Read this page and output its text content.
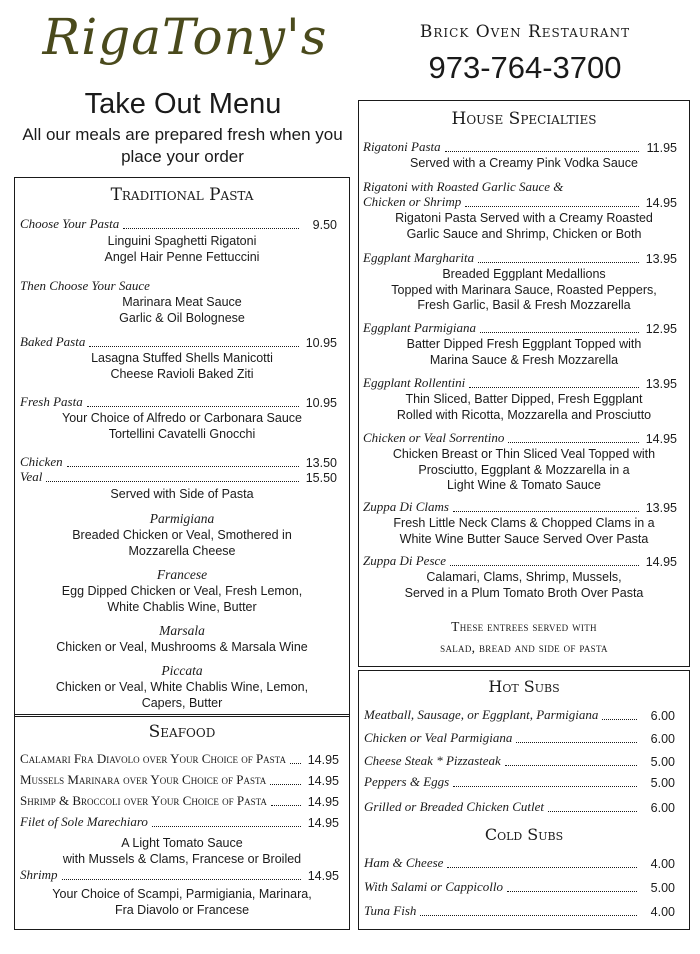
RigaTony's
Take Out Menu
All our meals are prepared fresh when you place your order
Brick Oven Restaurant
973-764-3700
Traditional Pasta
Choose Your Pasta	9.50
Linguini Spaghetti Rigatoni
Angel Hair Penne Fettuccini
Then Choose Your Sauce
Marinara Meat Sauce
Garlic & Oil Bolognese
Baked Pasta	10.95
Lasagna Stuffed Shells Manicotti
Cheese Ravioli Baked Ziti
Fresh Pasta	10.95
Your Choice of Alfredo or Carbonara Sauce
Tortellini Cavatelli Gnocchi
Chicken	13.50
Veal	15.50
Served with Side of Pasta
Parmigiana
Breaded Chicken or Veal, Smothered in
Mozzarella Cheese
Francese
Egg Dipped Chicken or Veal, Fresh Lemon,
White Chablis Wine, Butter
Marsala
Chicken or Veal, Mushrooms & Marsala Wine
Piccata
Chicken or Veal, White Chablis Wine, Lemon,
Capers, Butter
Seafood
Calamari Fra Diavolo over Your Choice of Pasta 14.95
Mussels Marinara over Your Choice of Pasta	14.95
Shrimp & Broccoli over Your Choice of Pasta	14.95
Filet of Sole Marechiaro	14.95
A Light Tomato Sauce
with Mussels & Clams, Francese or Broiled
Shrimp	14.95
Your Choice of Scampi, Parmigiania, Marinara,
Fra Diavolo or Francese
House Specialties
Rigatoni Pasta	11.95
Served with a Creamy Pink Vodka Sauce
Rigatoni with Roasted Garlic Sauce &
Chicken or Shrimp	14.95
Rigatoni Pasta Served with a Creamy Roasted
Garlic Sauce and Shrimp, Chicken or Both
Eggplant Margharita	13.95
Breaded Eggplant Medallions
Topped with Marinara Sauce, Roasted Peppers,
Fresh Garlic, Basil & Fresh Mozzarella
Eggplant Parmigiana	12.95
Batter Dipped Fresh Eggplant Topped with
Marina Sauce & Fresh Mozzarella
Eggplant Rollentini	13.95
Thin Sliced, Batter Dipped, Fresh Eggplant
Rolled with Ricotta, Mozzarella and Prosciutto
Chicken or Veal Sorrentino	14.95
Chicken Breast or Thin Sliced Veal Topped with
Prosciutto, Eggplant & Mozzarella in a
Light Wine & Tomato Sauce
Zuppa Di Clams	13.95
Fresh Little Neck Clams & Chopped Clams in a
White Wine Butter Sauce Served Over Pasta
Zuppa Di Pesce	14.95
Calamari, Clams, Shrimp, Mussels,
Served in a Plum Tomato Broth Over Pasta
These entrees served with
salad, bread and side of pasta
Hot Subs
Meatball, Sausage, or Eggplant, Parmigiana	6.00
Chicken or Veal Parmigiana	6.00
Cheese Steak * Pizzasteak	5.00
Peppers & Eggs	5.00
Grilled or Breaded Chicken Cutlet	6.00
Cold Subs
Ham & Cheese	4.00
With Salami or Cappicollo	5.00
Tuna Fish	4.00
